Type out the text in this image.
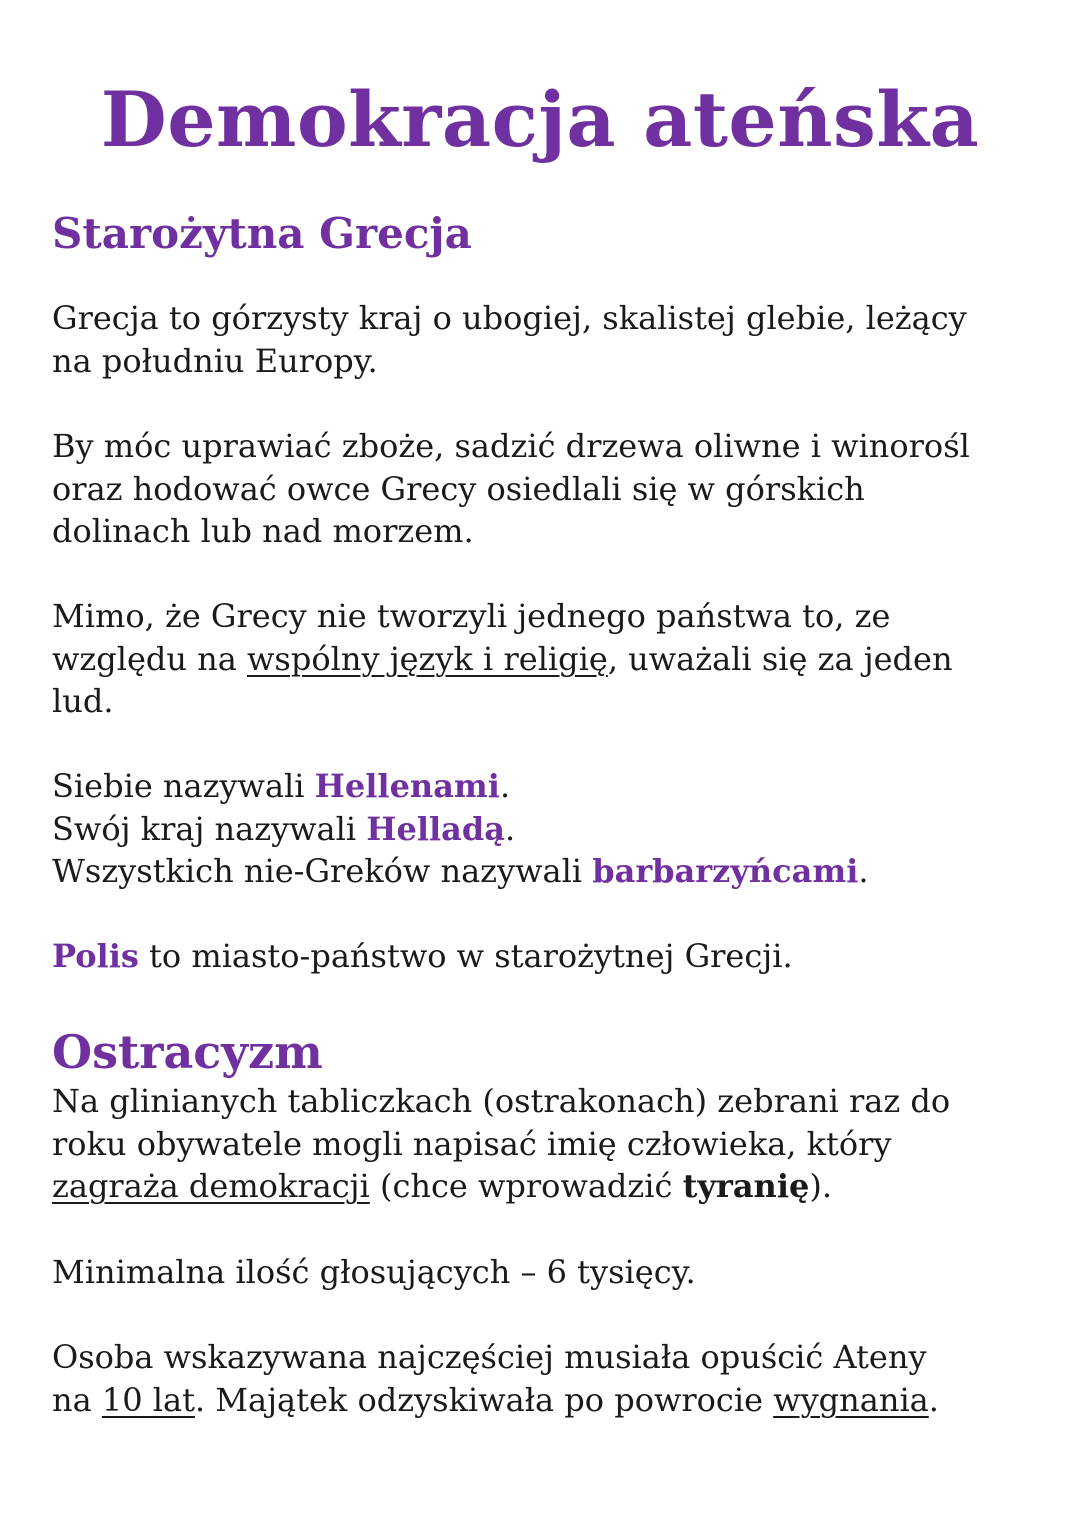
Demokracja ateńska
Starożytna Grecja

Grecja to górzysty kraj o ubogiej, skalistej glebie, leżący
na południu Europy.

By móc uprawiać zboże, sadzić drzewa oliwne i winorośl
oraz hodować owce Grecy osiedlali się w górskich
dolinach lub nad morzem.

Mimo, że Grecy nie tworzyli jednego państwa to, ze
względu na wspólny język i religię, uważali się za jeden
lud.

Siebie nazywali Hellenami.
Swój kraj nazywali Helladą.
Wszystkich nie-Greków nazywali barbarzyńcami.

Polis to miasto-państwo w starożytnej Grecji.

Ostracyzm

Na glinianych tabliczkach (ostrakonach) zebrani raz do
roku obywatele mogli napisać imię człowieka, który
zagraża demokracji (chce wprowadzić tyranię).

Minimalna ilość głosujących – 6 tysięcy.

Osoba wskazywana najczęściej musiała opuścić Ateny
na 10 lat. Majątek odzyskiwała po powrocie wygnania.
